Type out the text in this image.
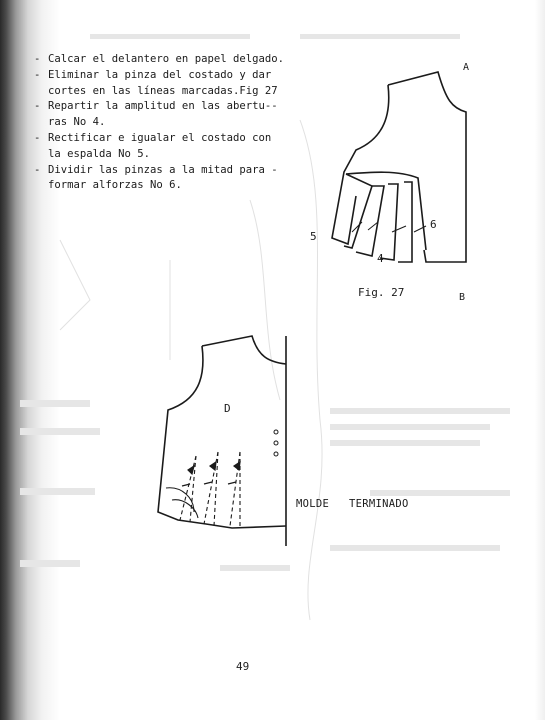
- Calcar el delantero en papel delgado.
- Eliminar la pinza del costado y dar
cortes en las líneas marcadas.Fig 27
- Repartir la amplitud en las abertu--
ras No 4.
- Rectificar e igualar el costado con
la espalda No 5.
- Dividir las pinzas a la mitad para -
formar alforzas No 6.
A
B
5
4
6
Fig. 27
D
MOLDE   TERMINADO
49
